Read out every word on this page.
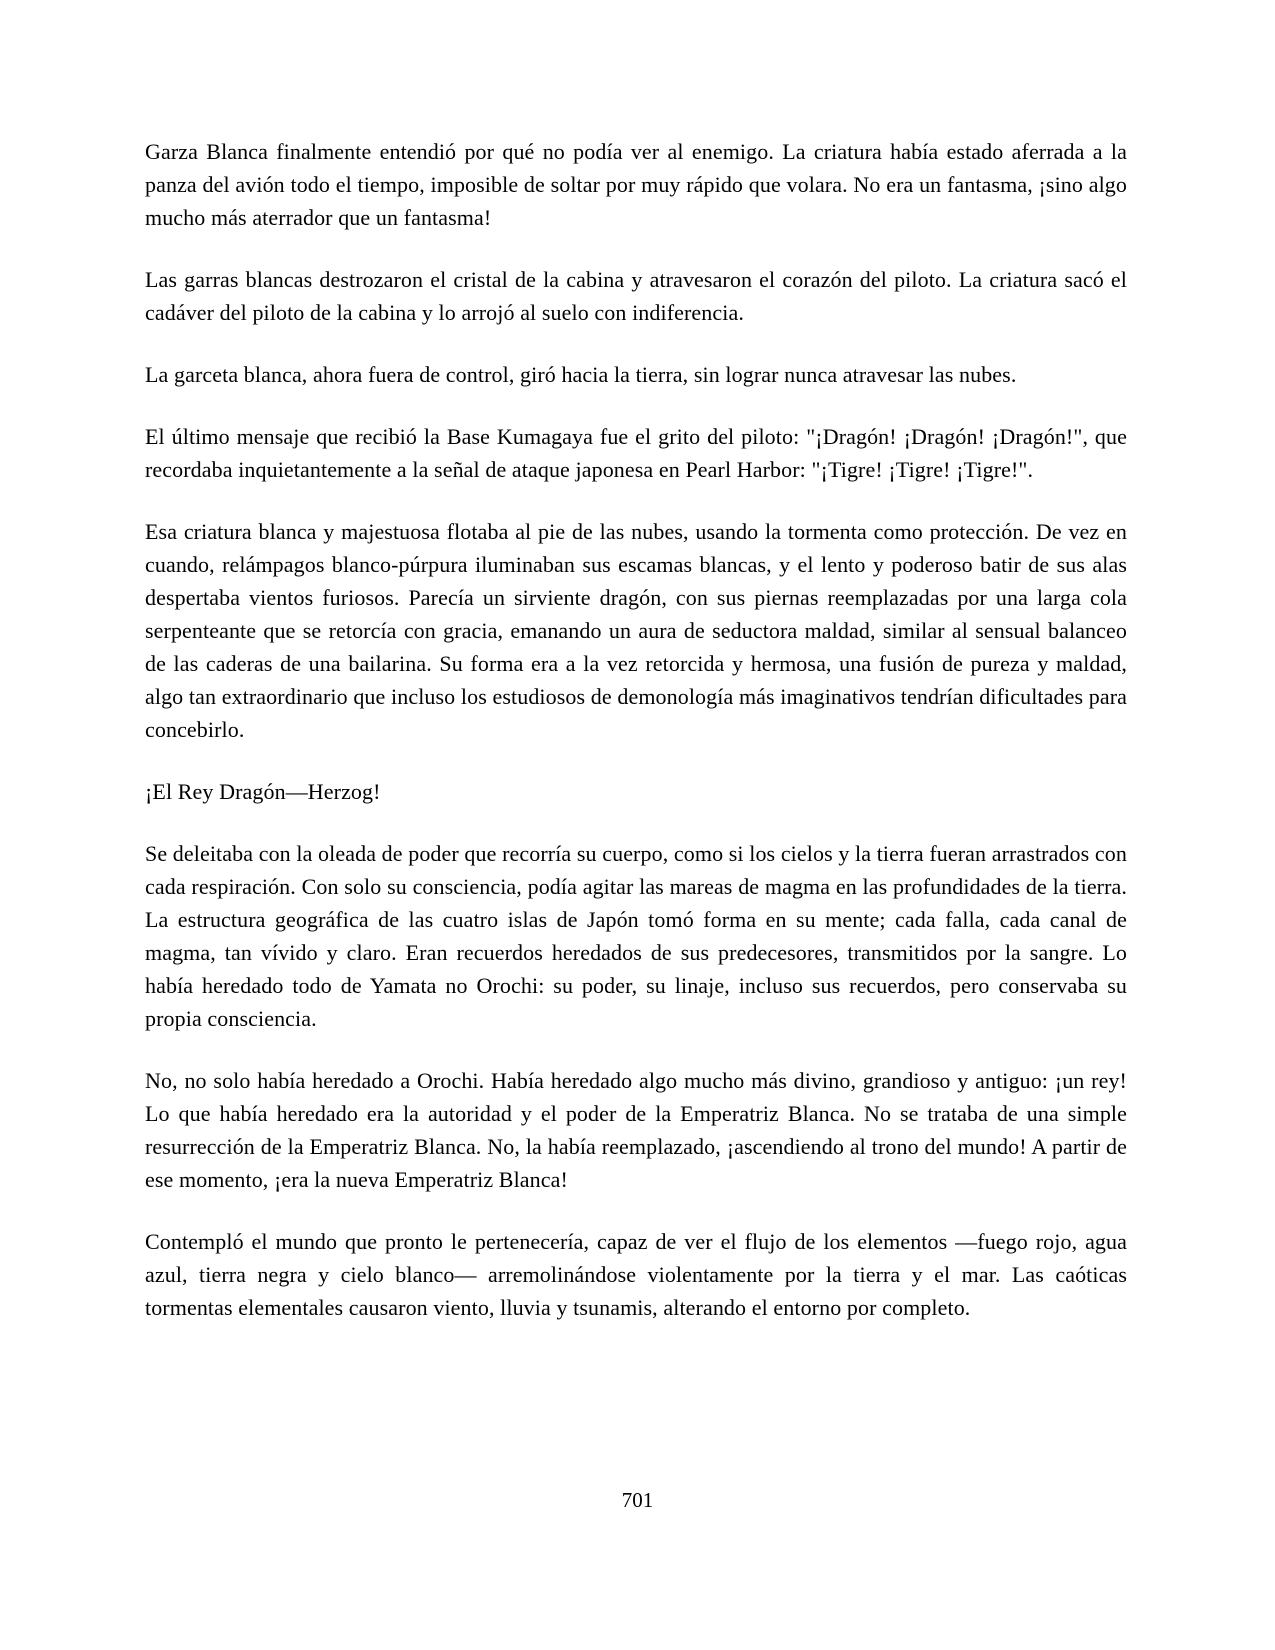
Garza Blanca finalmente entendió por qué no podía ver al enemigo. La criatura había estado aferrada a la panza del avión todo el tiempo, imposible de soltar por muy rápido que volara. No era un fantasma, ¡sino algo mucho más aterrador que un fantasma!

Las garras blancas destrozaron el cristal de la cabina y atravesaron el corazón del piloto. La criatura sacó el cadáver del piloto de la cabina y lo arrojó al suelo con indiferencia.

La garceta blanca, ahora fuera de control, giró hacia la tierra, sin lograr nunca atravesar las nubes.

El último mensaje que recibió la Base Kumagaya fue el grito del piloto: "¡Dragón! ¡Dragón! ¡Dragón!", que recordaba inquietantemente a la señal de ataque japonesa en Pearl Harbor: "¡Tigre! ¡Tigre! ¡Tigre!".

Esa criatura blanca y majestuosa flotaba al pie de las nubes, usando la tormenta como protección. De vez en cuando, relámpagos blanco-púrpura iluminaban sus escamas blancas, y el lento y poderoso batir de sus alas despertaba vientos furiosos. Parecía un sirviente dragón, con sus piernas reemplazadas por una larga cola serpenteante que se retorcía con gracia, emanando un aura de seductora maldad, similar al sensual balanceo de las caderas de una bailarina. Su forma era a la vez retorcida y hermosa, una fusión de pureza y maldad, algo tan extraordinario que incluso los estudiosos de demonología más imaginativos tendrían dificultades para concebirlo.

¡El Rey Dragón—Herzog!

Se deleitaba con la oleada de poder que recorría su cuerpo, como si los cielos y la tierra fueran arrastrados con cada respiración. Con solo su consciencia, podía agitar las mareas de magma en las profundidades de la tierra. La estructura geográfica de las cuatro islas de Japón tomó forma en su mente; cada falla, cada canal de magma, tan vívido y claro. Eran recuerdos heredados de sus predecesores, transmitidos por la sangre. Lo había heredado todo de Yamata no Orochi: su poder, su linaje, incluso sus recuerdos, pero conservaba su propia consciencia.

No, no solo había heredado a Orochi. Había heredado algo mucho más divino, grandioso y antiguo: ¡un rey! Lo que había heredado era la autoridad y el poder de la Emperatriz Blanca. No se trataba de una simple resurrección de la Emperatriz Blanca. No, la había reemplazado, ¡ascendiendo al trono del mundo! A partir de ese momento, ¡era la nueva Emperatriz Blanca!

Contempló el mundo que pronto le pertenecería, capaz de ver el flujo de los elementos —fuego rojo, agua azul, tierra negra y cielo blanco— arremolinándose violentamente por la tierra y el mar. Las caóticas tormentas elementales causaron viento, lluvia y tsunamis, alterando el entorno por completo.

701
